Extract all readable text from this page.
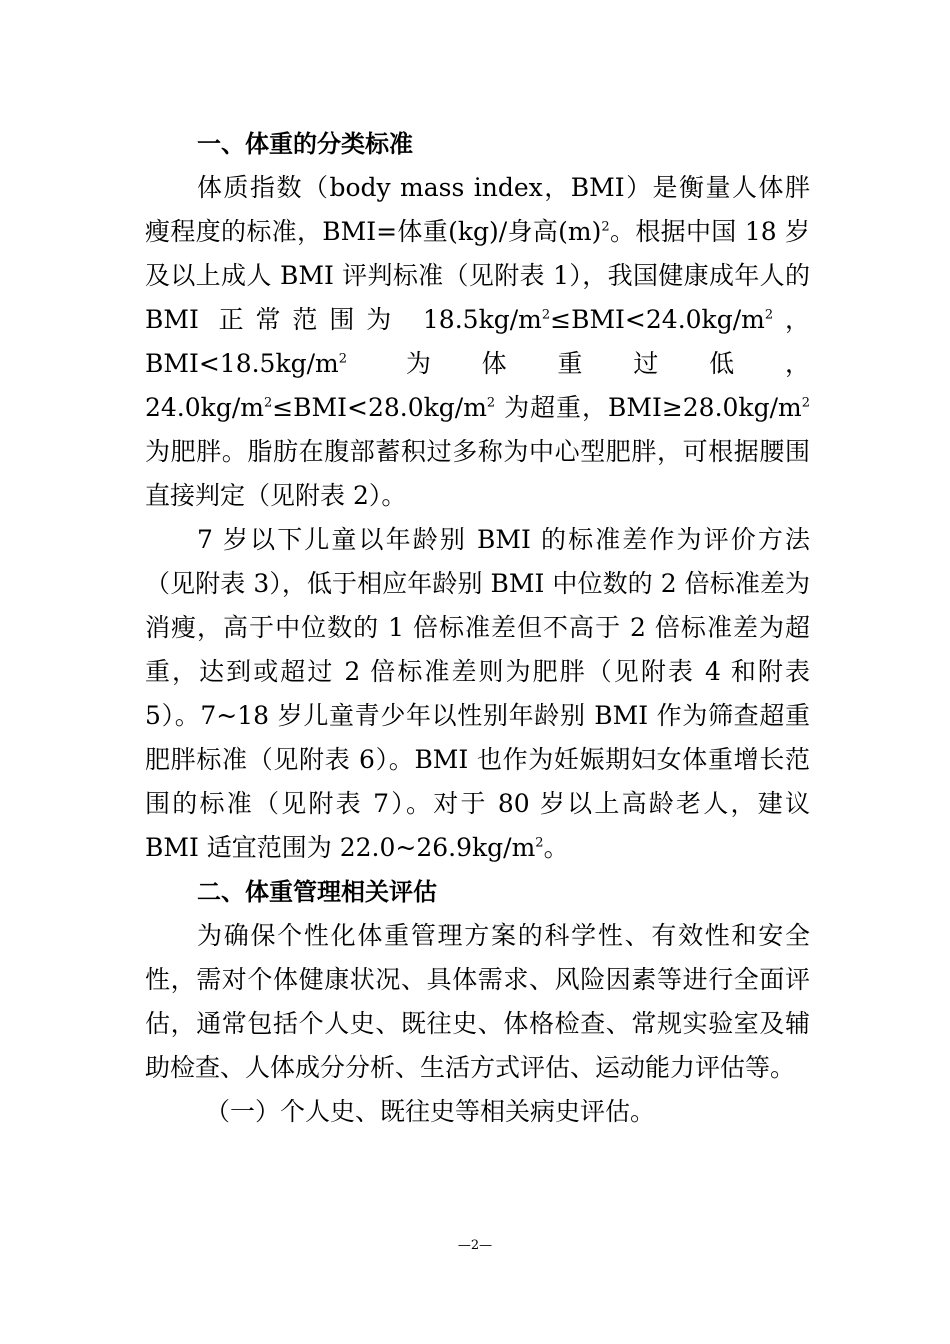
一、体重的分类标准

体质指数（body mass index，BMI）是衡量人体胖瘦程度的标准，BMI=体重(kg)/身高$(m)^2$。根据中国 18 岁及以上成人 BMI 评判标准（见附表 1），我国健康成年人的 BMI 正常范围为 $18.5kg/m^2\le BMI<24.0kg/m^2$，$BMI<18.5kg/m^2$ 为体重过低，$24.0kg/m^2\le BMI<28.0kg/m^2$ 为超重，$BMI\ge 28.0kg/m^2$ 为肥胖。脂肪在腹部蓄积过多称为中心型肥胖，可根据腰围直接判定（见附表 2）。

7 岁以下儿童以年龄别 BMI 的标准差作为评价方法（见附表 3），低于相应年龄别 BMI 中位数的 2 倍标准差为消瘦，高于中位数的 1 倍标准差但不高于 2 倍标准差为超重，达到或超过 2 倍标准差则为肥胖（见附表 4 和附表 5）。7~18 岁儿童青少年以性别年龄别 BMI 作为筛查超重肥胖标准（见附表 6）。BMI 也作为妊娠期妇女体重增长范围的标准（见附表 7）。对于 80 岁以上高龄老人，建议 BMI 适宜范围为 $22.0\sim 26.9kg/m^2$。

二、体重管理相关评估

为确保个性化体重管理方案的科学性、有效性和安全性，需对个体健康状况、具体需求、风险因素等进行全面评估，通常包括个人史、既往史、体格检查、常规实验室及辅助检查、人体成分分析、生活方式评估、运动能力评估等。

（一）个人史、既往史等相关病史评估。

—2—
